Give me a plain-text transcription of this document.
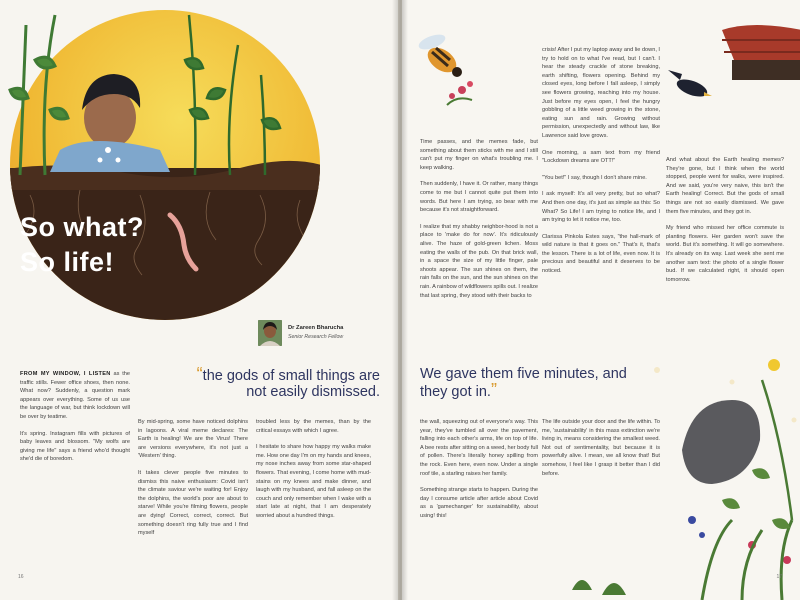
So what?
So life!
Dr Zareen Bharucha
Senior Research Fellow
“the gods of small things are not easily dismissed.

FROM MY WINDOW, I LISTEN as the traffic stills. Fewer office shoes, then none. What now? Suddenly, a question mark appears over everything. Some of us use the language of war, but think lockdown will be over by teatime.

It's spring. Instagram fills with pictures of baby leaves and blossom. "My wolfs are giving me life" says a friend who'd thought she'd die of boredom.

By mid-spring, some have noticed dolphins in lagoons. A viral meme declares: The Earth is healing! We are the Virus! There are versions everywhere, it's not just a 'Western' thing.

It takes clever people five minutes to dismiss this naive enthusiasm: Covid isn't the climate saviour we're waiting for! Enjoy the dolphins, the world's poor are about to starve! While you're filming flowers, people are dying! Correct, correct, correct. But something doesn't ring fully true and I find myself

troubled less by the memes, than by the critical essays with which I agree.

I hesitate to share how happy my walks make me. How one day I'm on my hands and knees, my nose inches away from some star-shaped flowers. That evening, I come home with mud-stains on my knees and make dinner, and laugh with my husband, and fall asleep on the couch and only remember when I wake with a start late at night, that I am desperately worried about a hundred things.

16

Time passes, and the memes fade, but something about them sticks with me and I still can't put my finger on what's troubling me. I keep walking.

Then suddenly, I have it. Or rather, many things come to me but I cannot quite put them into words. But here I am trying, so bear with me because it's not straightforward.

I realize that my shabby neighbor-hood is not a place to 'make do for now'. It's ridiculously alive. The haze of gold-green lichen. Moss eating the walls of the pub. On that brick wall, in a space the size of my little finger, pale shoots appear. The sun shines on them, the rain falls on the sun, and the sun shines on the rain. A rainbow of wildflowers spills out. I realize that last spring, they stood with their backs to

crisis! After I put my laptop away and lie down, I try to hold on to what I've read, but I can't. I hear the steady crackle of stone breaking, earth shifting, flowers opening. Behind my closed eyes, long before I fall asleep, I simply see flowers growing, reaching into my house. Just before my eyes open, I feel the hungry gobbling of a little weed growing in the stone, eating sun and rain. Growing without permission, unexpectedly and without law, like Lawrence said love grows.

One morning, a sam text from my friend "Lockdown dreams are OTT!"

"You bet!" I say, though I don't share mine.

I ask myself: It's all very pretty, but so what? And then one day, it's just as simple as this: So What? So Life! I am trying to notice life, and I am trying to let it notice me, too.

Clarissa Pinkola Estes says, "the hall-mark of wild nature is that it goes on." That's it, that's the lesson. There is a lot of life, even now. It is precious and beautiful and it deserves to be noticed.

And what about the Earth healing memes? They're gone, but I think when the world stopped, people went for walks, were inspired. And we said, you're very naive, this isn't the Earth healing! Correct. But the gods of small things are not so easily dismissed. We gave them five minutes, and they got in.

My friend who missed her office commute is planting flowers. Her garden won't save the world. But it's something. It will go somewhere. It's already on its way. Last week she sent me another sam text: the photo of a single flower bud. If we calculated right, it should open tomorrow.

We gave them five minutes, and they got in.”

the wall, squeezing out of everyone's way. This year, they've tumbled all over the pavement, falling into each other's arms, life on top of life. A bee rests after sitting on a weed, her body full of pollen. There's literally honey spilling from the rock. Even here, even now. Under a single roof tile, a starling raises her family.

Something strange starts to happen. During the day I consume article after article about Covid as a 'gamechanger' for sustainability, about using! this!

The life outside your door and the life within. To me, 'sustainability' in this mass extinction we're living in, means considering the smallest weed. Not out of sentimentality, but because it is powerfully alive. I mean, we all know that! But somehow, I feel like I grasp it better than I did before.

17
